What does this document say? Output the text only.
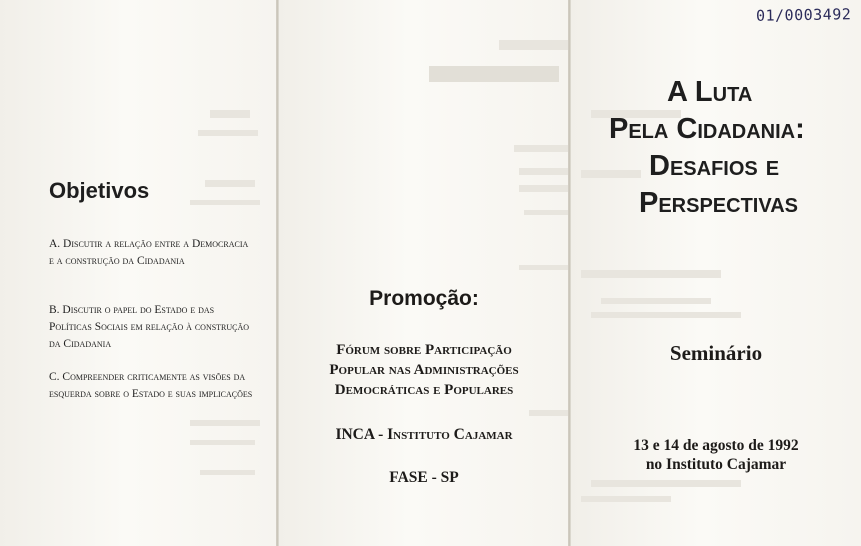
Objetivos
A. Discutir a relação entre a Democracia e a construção da Cidadania
B. Discutir o papel do Estado e das Políticas Sociais em relação à construção da Cidadania
C. Compreender criticamente as visões da esquerda sobre o Estado e suas implicações
Promoção:
Fórum sobre Participação
Popular nas Administrações
Democráticas e Populares
INCA - Instituto Cajamar
FASE - SP
01/0003492
A Luta
Pela Cidadania:
Desafios e
Perspectivas
Seminário
13 e 14 de agosto de 1992
no Instituto Cajamar
